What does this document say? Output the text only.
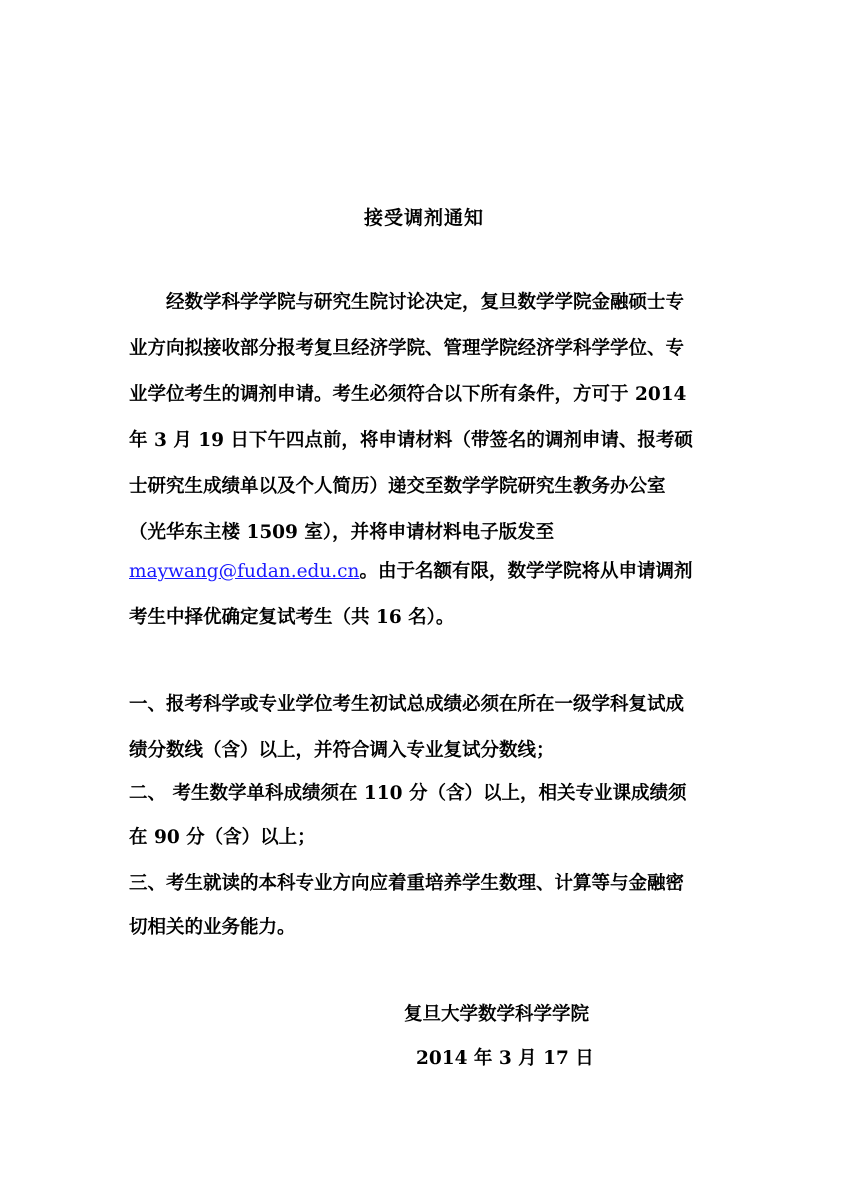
接受调剂通知
　　经数学科学学院与研究生院讨论决定，复旦数学学院金融硕士专
业方向拟接收部分报考复旦经济学院、管理学院经济学科学学位、专
业学位考生的调剂申请。考生必须符合以下所有条件，方可于 2014
年 3 月 19 日下午四点前，将申请材料（带签名的调剂申请、报考硕
士研究生成绩单以及个人简历）递交至数学学院研究生教务办公室
（光华东主楼 1509 室），并将申请材料电子版发至
maywang@fudan.edu.cn。由于名额有限，数学学院将从申请调剂
考生中择优确定复试考生（共 16 名）。
一、报考科学或专业学位考生初试总成绩必须在所在一级学科复试成
绩分数线（含）以上，并符合调入专业复试分数线；
二、 考生数学单科成绩须在 110 分（含）以上，相关专业课成绩须
在 90 分（含）以上；
三、考生就读的本科专业方向应着重培养学生数理、计算等与金融密
切相关的业务能力。
复旦大学数学科学学院
2014 年 3 月 17 日
